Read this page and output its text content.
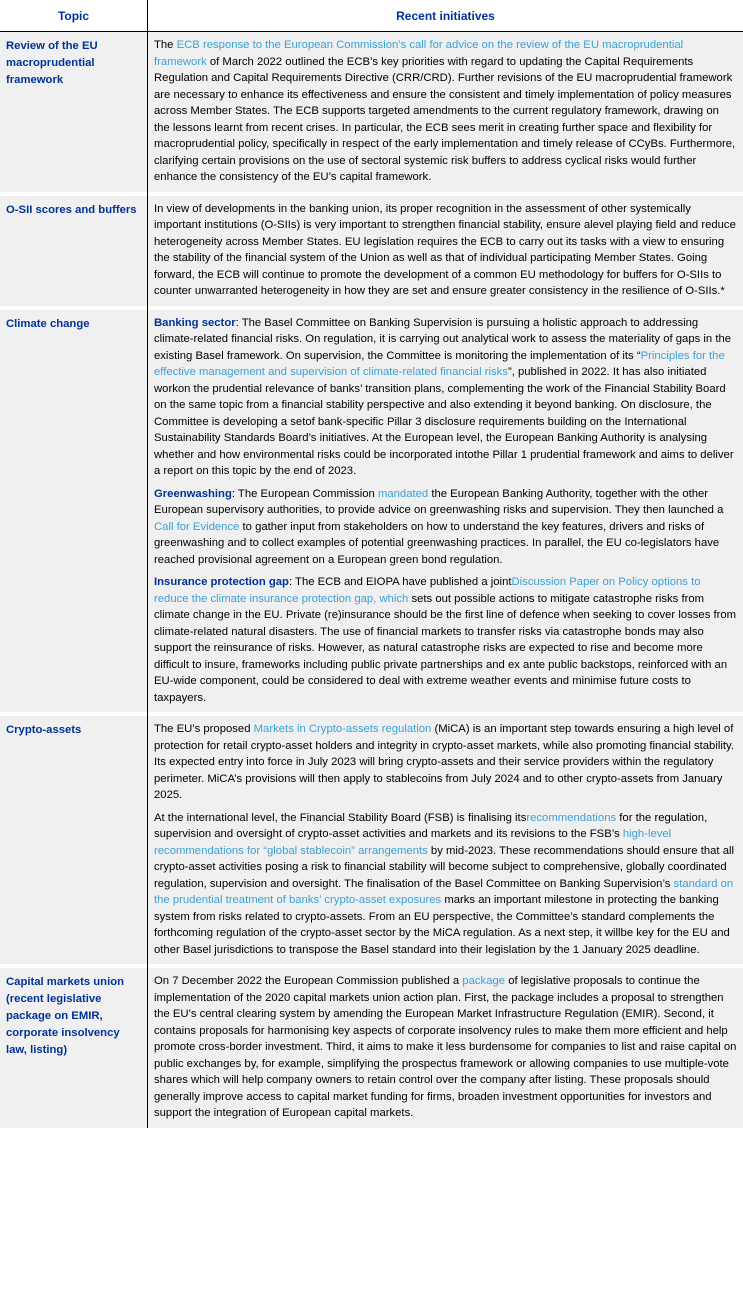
Topic	Recent initiatives
Review of the EU macroprudential framework	The ECB response to the European Commission’s call for advice on the review of the EU macroprudential framework of March 2022 outlined the ECB’s key priorities with regard to updating the Capital Requirements Regulation and Capital Requirements Directive (CRR/CRD). Further revisions of the EU macroprudential framework are necessary to enhance its effectiveness and ensure the consistent and timely implementation of policy measures across Member States. The ECB supports targeted amendments to the current regulatory framework, drawing on the lessons learnt from recent crises. In particular, the ECB sees merit in creating further space and flexibility for macroprudential policy, specifically in respect of the early implementation and timely release of CCyBs. Furthermore, clarifying certain provisions on the use of sectoral systemic risk buffers to address cyclical risks would further enhance the consistency of the EU’s capital framework.

O-SII scores and buffers	In view of developments in the banking union, its proper recognition in the assessment of other systemically important institutions (O-SIIs) is very important to strengthen financial stability, ensure alevel playing field and reduce heterogeneity across Member States. EU legislation requires the ECB to carry out its tasks with a view to ensuring the stability of the financial system of the Union as well as that of individual participating Member States. Going forward, the ECB will continue to promote the development of a common EU methodology for buffers for O-SIIs to counter unwarranted heterogeneity in how they are set and ensure greater consistency in the resilience of O-SIIs.*

Climate change	Banking sector: The Basel Committee on Banking Supervision is pursuing a holistic approach to addressing climate-related financial risks. On regulation, it is carrying out analytical work to assess the materiality of gaps in the existing Basel framework. On supervision, the Committee is monitoring the implementation of its “Principles for the effective management and supervision of climate-related financial risks”, published in 2022. It has also initiated workon the prudential relevance of banks’ transition plans, complementing the work of the Financial Stability Board on the same topic from a financial stability perspective and also extending it beyond banking. On disclosure, the Committee is developing a setof bank-specific Pillar 3 disclosure requirements building on the International Sustainability Standards Board’s initiatives. At the European level, the European Banking Authority is analysing whether and how environmental risks could be incorporated intothe Pillar 1 prudential framework and aims to deliver a report on this topic by the end of 2023.
Greenwashing: The European Commission mandated the European Banking Authority, together with the other European supervisory authorities, to provide advice on greenwashing risks and supervision. They then launched a Call for Evidence to gather input from stakeholders on how to understand the key features, drivers and risks of greenwashing and to collect examples of potential greenwashing practices. In parallel, the EU co-legislators have reached provisional agreement on a European green bond regulation.
Insurance protection gap: The ECB and EIOPA have published a jointDiscussion Paper on Policy options to reduce the climate insurance protection gap, which sets out possible actions to mitigate catastrophe risks from climate change in the EU. Private (re)insurance should be the first line of defence when seeking to cover losses from climate-related natural disasters. The use of financial markets to transfer risks via catastrophe bonds may also support the reinsurance of risks. However, as natural catastrophe risks are expected to rise and become more difficult to insure, frameworks including public private partnerships and ex ante public backstops, reinforced with an EU-wide component, could be considered to deal with extreme weather events and minimise future costs to taxpayers.

Crypto-assets	The EU’s proposed Markets in Crypto-assets regulation (MiCA) is an important step towards ensuring a high level of protection for retail crypto-asset holders and integrity in crypto-asset markets, while also promoting financial stability. Its expected entry into force in July 2023 will bring crypto-assets and their service providers within the regulatory perimeter. MiCA’s provisions will then apply to stablecoins from July 2024 and to other crypto-assets from January 2025.
At the international level, the Financial Stability Board (FSB) is finalising itsrecommendations for the regulation, supervision and oversight of crypto-asset activities and markets and its revisions to the FSB’s high-level recommendations for “global stablecoin” arrangements by mid-2023. These recommendations should ensure that all crypto-asset activities posing a risk to financial stability will become subject to comprehensive, globally coordinated regulation, supervision and oversight. The finalisation of the Basel Committee on Banking Supervision’s standard on the prudential treatment of banks’ crypto-asset exposures marks an important milestone in protecting the banking system from risks related to crypto-assets. From an EU perspective, the Committee’s standard complements the forthcoming regulation of the crypto-asset sector by the MiCA regulation. As a next step, it willbe key for the EU and other Basel jurisdictions to transpose the Basel standard into their legislation by the 1 January 2025 deadline.

Capital markets union (recent legislative package on EMIR, corporate insolvency law, listing)	On 7 December 2022 the European Commission published a package of legislative proposals to continue the implementation of the 2020 capital markets union action plan. First, the package includes a proposal to strengthen the EU’s central clearing system by amending the European Market Infrastructure Regulation (EMIR). Second, it contains proposals for harmonising key aspects of corporate insolvency rules to make them more efficient and help promote cross-border investment. Third, it aims to make it less burdensome for companies to list and raise capital on public exchanges by, for example, simplifying the prospectus framework or allowing companies to use multiple-vote shares which will help company owners to retain control over the company after listing. These proposals should generally improve access to capital market funding for firms, broaden investment opportunities for investors and support the integration of European capital markets.
